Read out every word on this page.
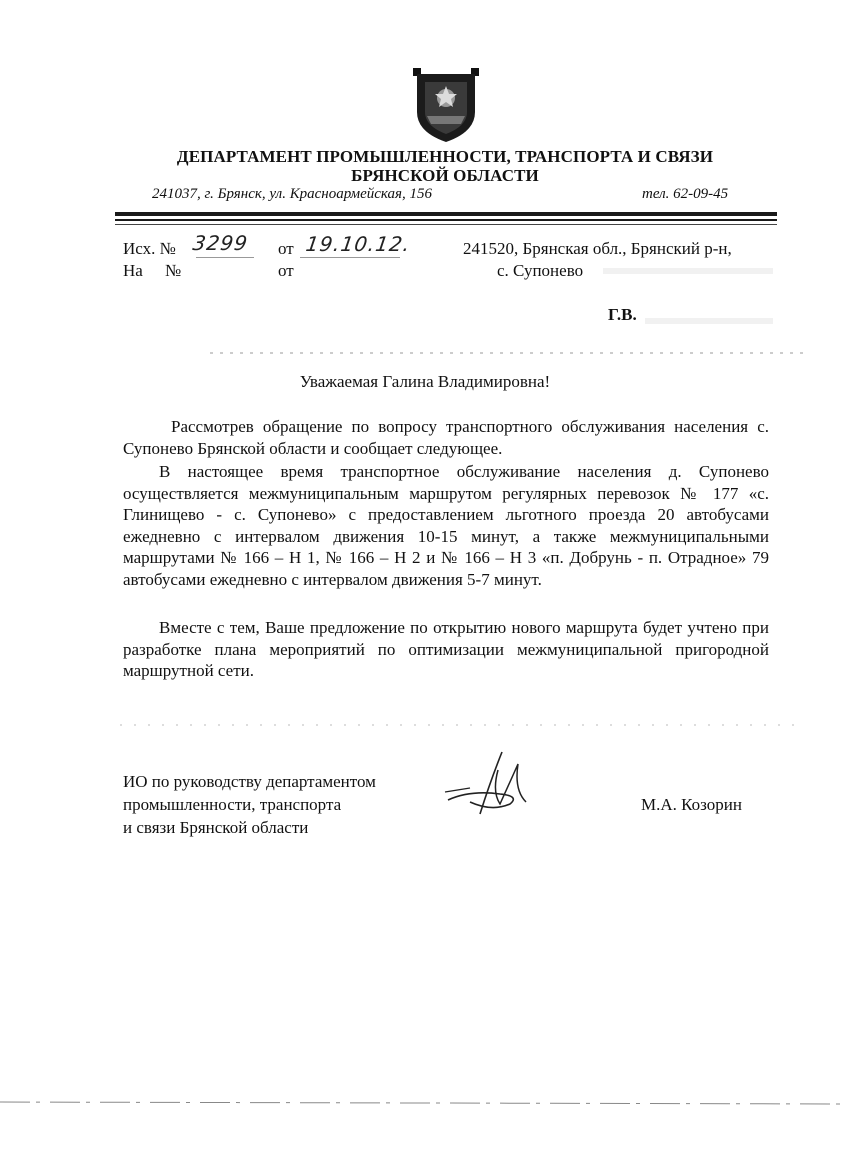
ДЕПАРТАМЕНТ ПРОМЫШЛЕННОСТИ, ТРАНСПОРТА И СВЯЗИ
БРЯНСКОЙ ОБЛАСТИ
241037, г. Брянск, ул. Красноармейская, 156	тел. 62-09-45
Исх. № 3299 от 19.10.12.
На №	от
241520, Брянская обл., Брянский р-н,
с. Супонево
Г.В.
Уважаемая Галина Владимировна!
Рассмотрев обращение по вопросу транспортного обслуживания населения с. Супонево Брянской области и сообщает следующее.
В настоящее время транспортное обслуживание населения д. Супонево осуществляется межмуниципальным маршрутом регулярных перевозок № 177 «с. Глинищево - с. Супонево» с предоставлением льготного проезда 20 автобусами ежедневно с интервалом движения 10-15 минут, а также межмуниципальными маршрутами № 166 – Н 1, № 166 – Н 2 и № 166 – Н 3 «п. Добрунь - п. Отрадное» 79 автобусами ежедневно с интервалом движения 5-7 минут.
Вместе с тем, Ваше предложение по открытию нового маршрута будет учтено при разработке плана мероприятий по оптимизации межмуниципальной пригородной маршрутной сети.
ИО по руководству департаментом
промышленности, транспорта
и связи Брянской области
М.А. Козорин
